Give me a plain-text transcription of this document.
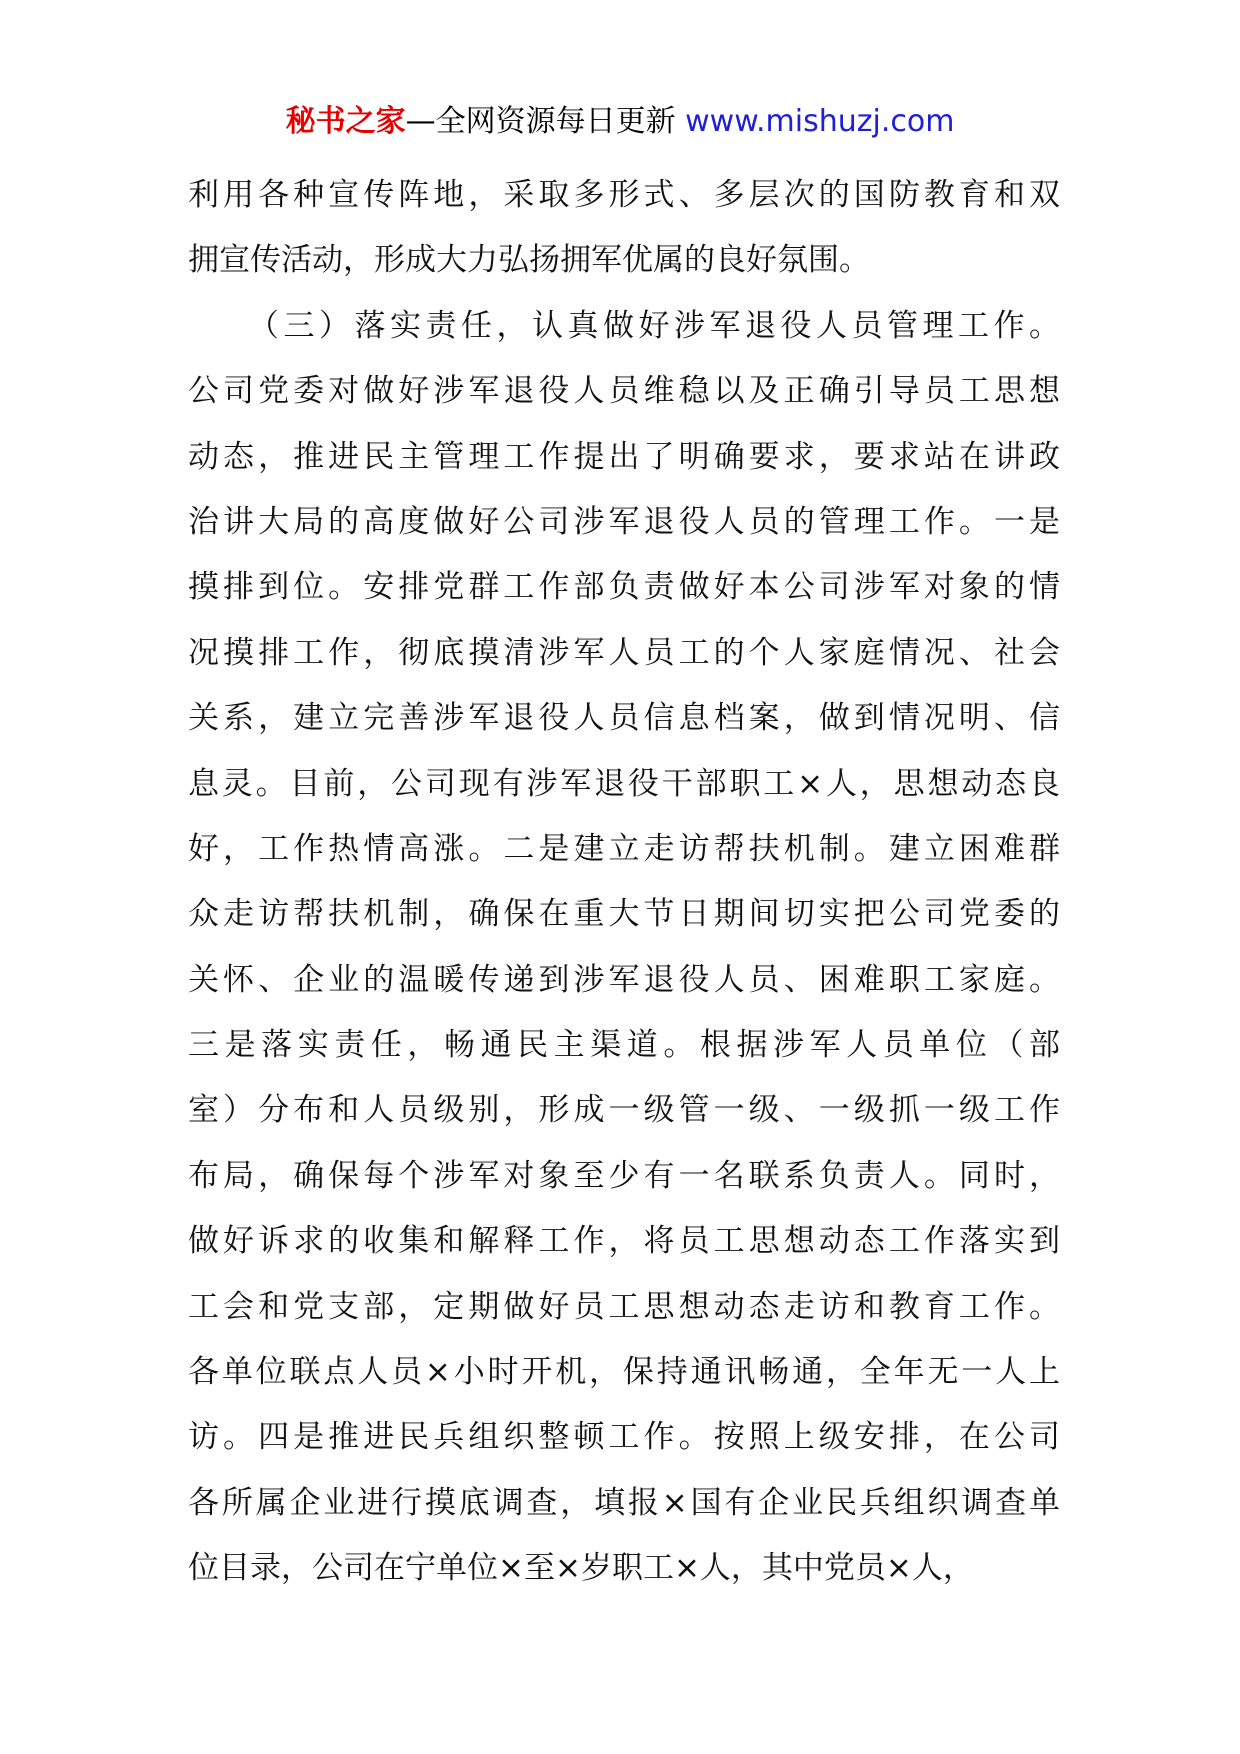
秘书之家—全网资源每日更新 www.mishuzj.com
利用各种宣传阵地，采取多形式、多层次的国防教育和双
拥宣传活动，形成大力弘扬拥军优属的良好氛围。
（三）落实责任，认真做好涉军退役人员管理工作。
公司党委对做好涉军退役人员维稳以及正确引导员工思想
动态，推进民主管理工作提出了明确要求，要求站在讲政
治讲大局的高度做好公司涉军退役人员的管理工作。一是
摸排到位。安排党群工作部负责做好本公司涉军对象的情
况摸排工作，彻底摸清涉军人员工的个人家庭情况、社会
关系，建立完善涉军退役人员信息档案，做到情况明、信
息灵。目前，公司现有涉军退役干部职工×人，思想动态良
好，工作热情高涨。二是建立走访帮扶机制。建立困难群
众走访帮扶机制，确保在重大节日期间切实把公司党委的
关怀、企业的温暖传递到涉军退役人员、困难职工家庭。
三是落实责任，畅通民主渠道。根据涉军人员单位（部
室）分布和人员级别，形成一级管一级、一级抓一级工作
布局，确保每个涉军对象至少有一名联系负责人。同时，
做好诉求的收集和解释工作，将员工思想动态工作落实到
工会和党支部，定期做好员工思想动态走访和教育工作。
各单位联点人员×小时开机，保持通讯畅通，全年无一人上
访。四是推进民兵组织整顿工作。按照上级安排，在公司
各所属企业进行摸底调查，填报×国有企业民兵组织调查单
位目录，公司在宁单位×至×岁职工×人，其中党员×人，
